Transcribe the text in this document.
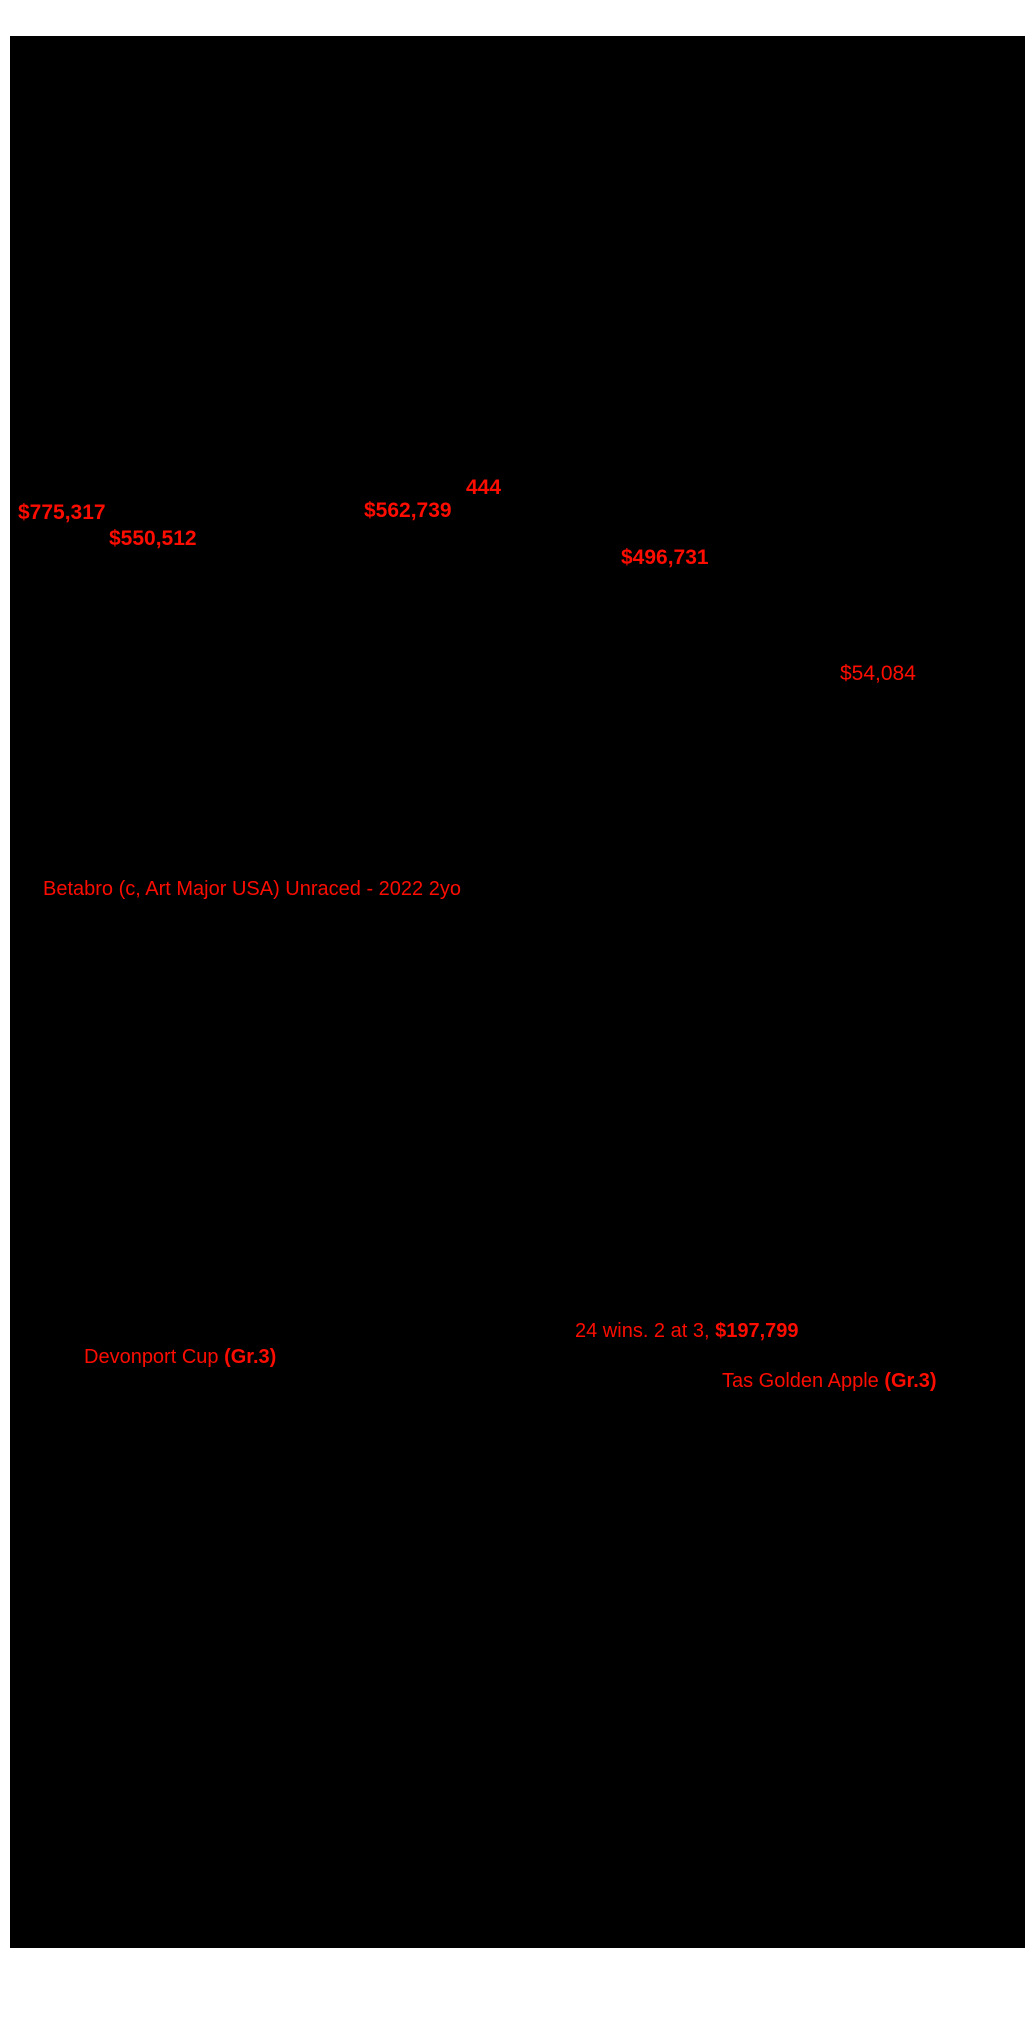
$775,317
$550,512
$562,739
444
$496,731
$54,084
Betabro (c, Art Major USA) Unraced - 2022 2yo
Devonport Cup (Gr.3)
24 wins. 2 at 3, $197,799
Tas Golden Apple (Gr.3)
